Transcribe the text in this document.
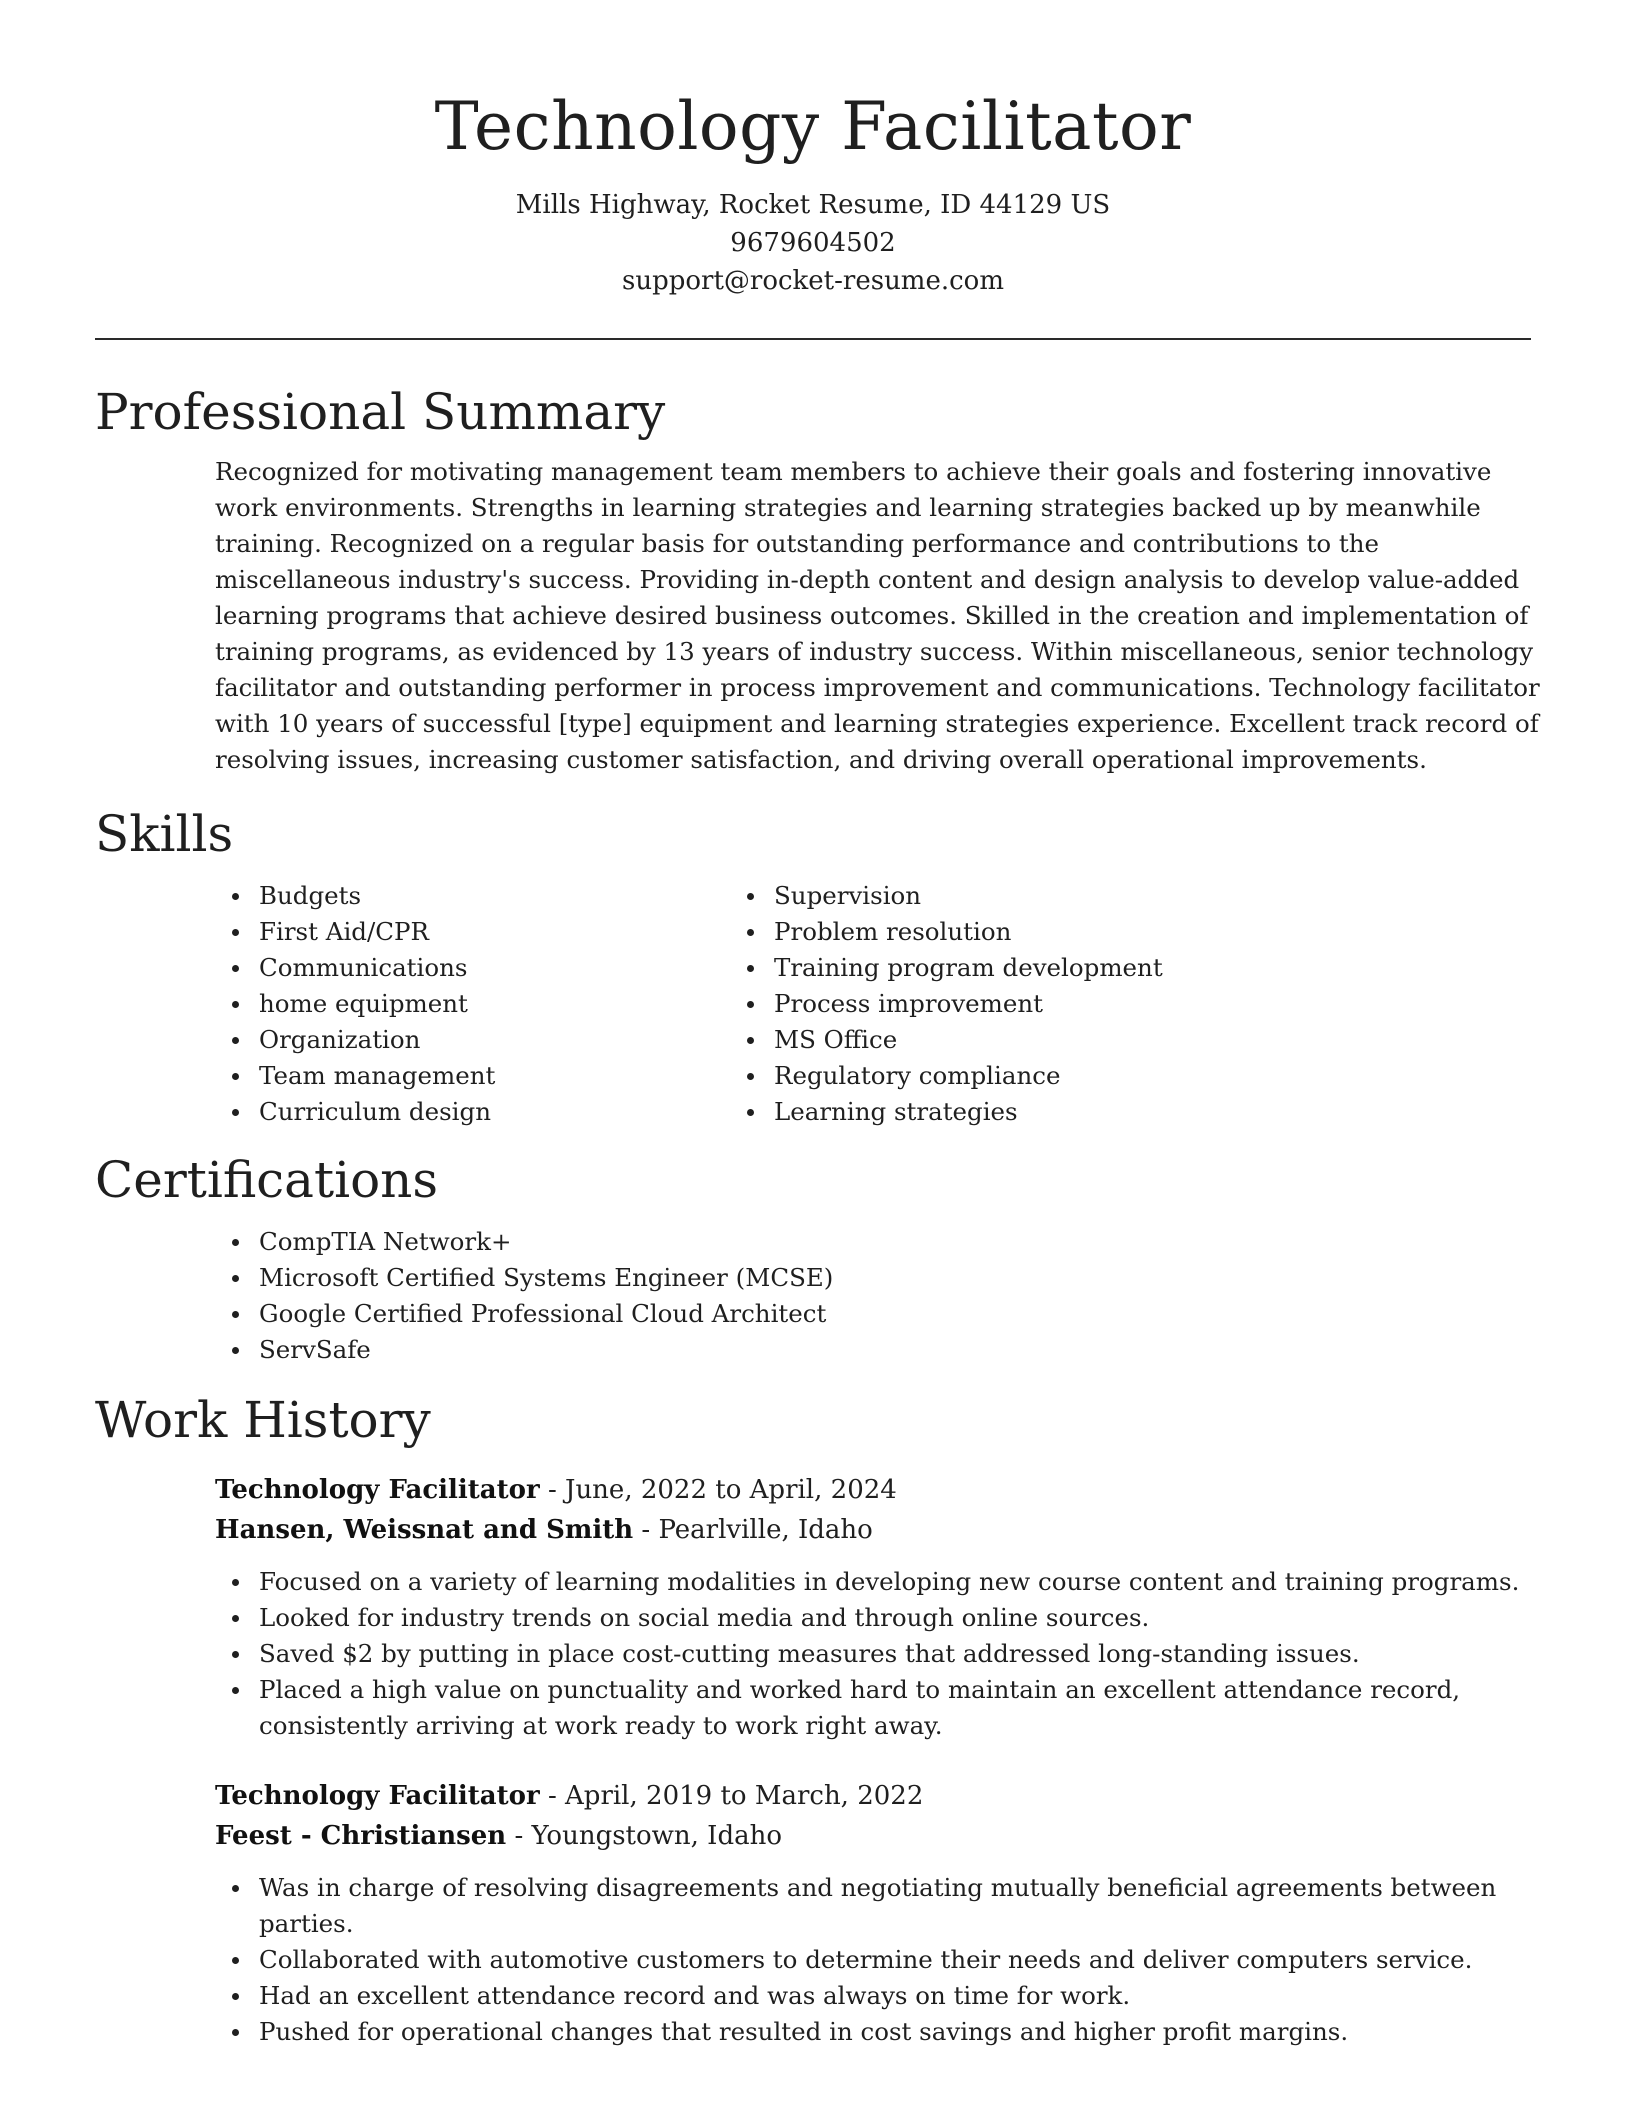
Technology Facilitator

Mills Highway, Rocket Resume, ID 44129 US

9679604502

support@rocket-resume.com

Professional Summary

Recognized for motivating management team members to achieve their goals and fostering innovative work environments. Strengths in learning strategies and learning strategies backed up by meanwhile training. Recognized on a regular basis for outstanding performance and contributions to the miscellaneous industry's success. Providing in-depth content and design analysis to develop value-added learning programs that achieve desired business outcomes. Skilled in the creation and implementation of training programs, as evidenced by 13 years of industry success. Within miscellaneous, senior technology facilitator and outstanding performer in process improvement and communications. Technology facilitator with 10 years of successful [type] equipment and learning strategies experience. Excellent track record of resolving issues, increasing customer satisfaction, and driving overall operational improvements.

Skills
Budgets
First Aid/CPR
Communications
home equipment
Organization
Team management
Curriculum design
Supervision
Problem resolution
Training program development
Process improvement
MS Office
Regulatory compliance
Learning strategies
Certifications
CompTIA Network+
Microsoft Certified Systems Engineer (MCSE)
Google Certified Professional Cloud Architect
ServSafe
Work History
Technology Facilitator - June, 2022 to April, 2024
Hansen, Weissnat and Smith - Pearlville, Idaho
Focused on a variety of learning modalities in developing new course content and training programs.
Looked for industry trends on social media and through online sources.
Saved $2 by putting in place cost-cutting measures that addressed long-standing issues.
Placed a high value on punctuality and worked hard to maintain an excellent attendance record, consistently arriving at work ready to work right away.
Technology Facilitator - April, 2019 to March, 2022
Feest - Christiansen - Youngstown, Idaho
Was in charge of resolving disagreements and negotiating mutually beneficial agreements between parties.
Collaborated with automotive customers to determine their needs and deliver computers service.
Had an excellent attendance record and was always on time for work.
Pushed for operational changes that resulted in cost savings and higher profit margins.
